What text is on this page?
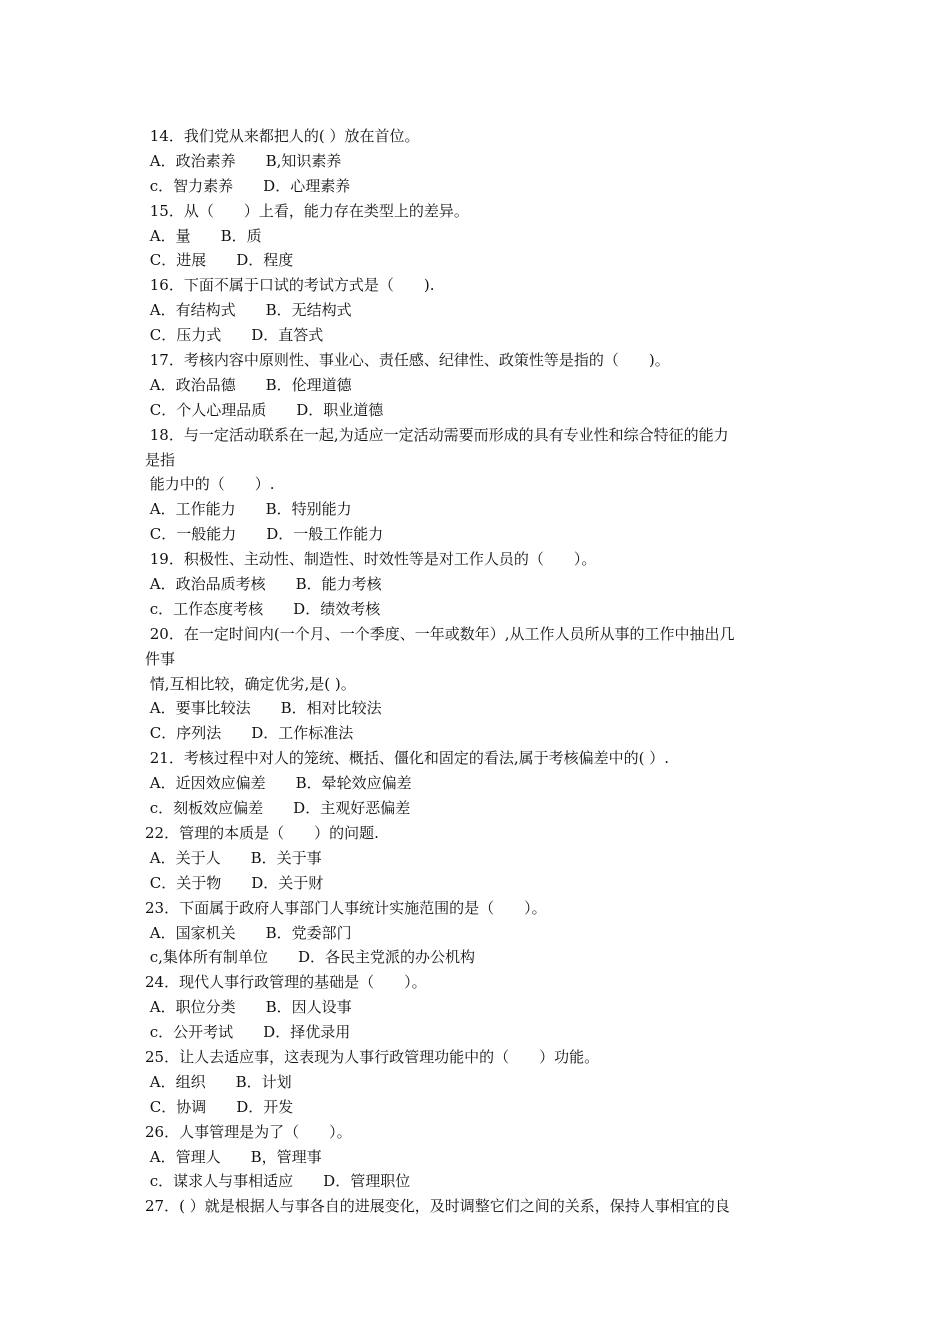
14．我们党从来都把人的( ）放在首位。
A．政治素养　　B,知识素养
c．智力素养　　D．心理素养
15．从（　　）上看，能力存在类型上的差异。
A．量　　B．质
C．进展　　D．程度
16．下面不属于口试的考试方式是（　　).
A．有结构式　　B．无结构式
C．压力式　　D．直答式
17．考核内容中原则性、事业心、责任感、纪律性、政策性等是指的（　　)。
A．政治品德　　B．伦理道德
C．个人心理品质　　D．职业道德
18．与一定活动联系在一起,为适应一定活动需要而形成的具有专业性和综合特征的能力
是指
能力中的（　　）.
A．工作能力　　B．特别能力
C．一般能力　　D．一般工作能力
19．积极性、主动性、制造性、时效性等是对工作人员的（　　）。
A．政治品质考核　　B．能力考核
c．工作态度考核　　D．绩效考核
20．在一定时间内(一个月、一个季度、一年或数年）,从工作人员所从事的工作中抽出几
件事
情,互相比较，确定优劣,是( )。
A．要事比较法　　B．相对比较法
C．序列法　　D．工作标准法
21．考核过程中对人的笼统、概括、僵化和固定的看法,属于考核偏差中的( ）.
A．近因效应偏差　　B．晕轮效应偏差
c．刻板效应偏差　　D．主观好恶偏差
22．管理的本质是（　　）的问题.
A．关于人　　B．关于事
C．关于物　　D．关于财
23．下面属于政府人事部门人事统计实施范围的是（　　）。
A．国家机关　　B．党委部门
c,集体所有制单位　　D．各民主党派的办公机构
24．现代人事行政管理的基础是（　　）。
A．职位分类　　B．因人设事
c．公开考试　　D．择优录用
25．让人去适应事，这表现为人事行政管理功能中的（　　）功能。
A．组织　　B．计划
C．协调　　D．开发
26．人事管理是为了（　　）。
A．管理人　　B，管理事
c．谋求人与事相适应　　D．管理职位
27．( ）就是根据人与事各自的进展变化，及时调整它们之间的关系，保持人事相宜的良
